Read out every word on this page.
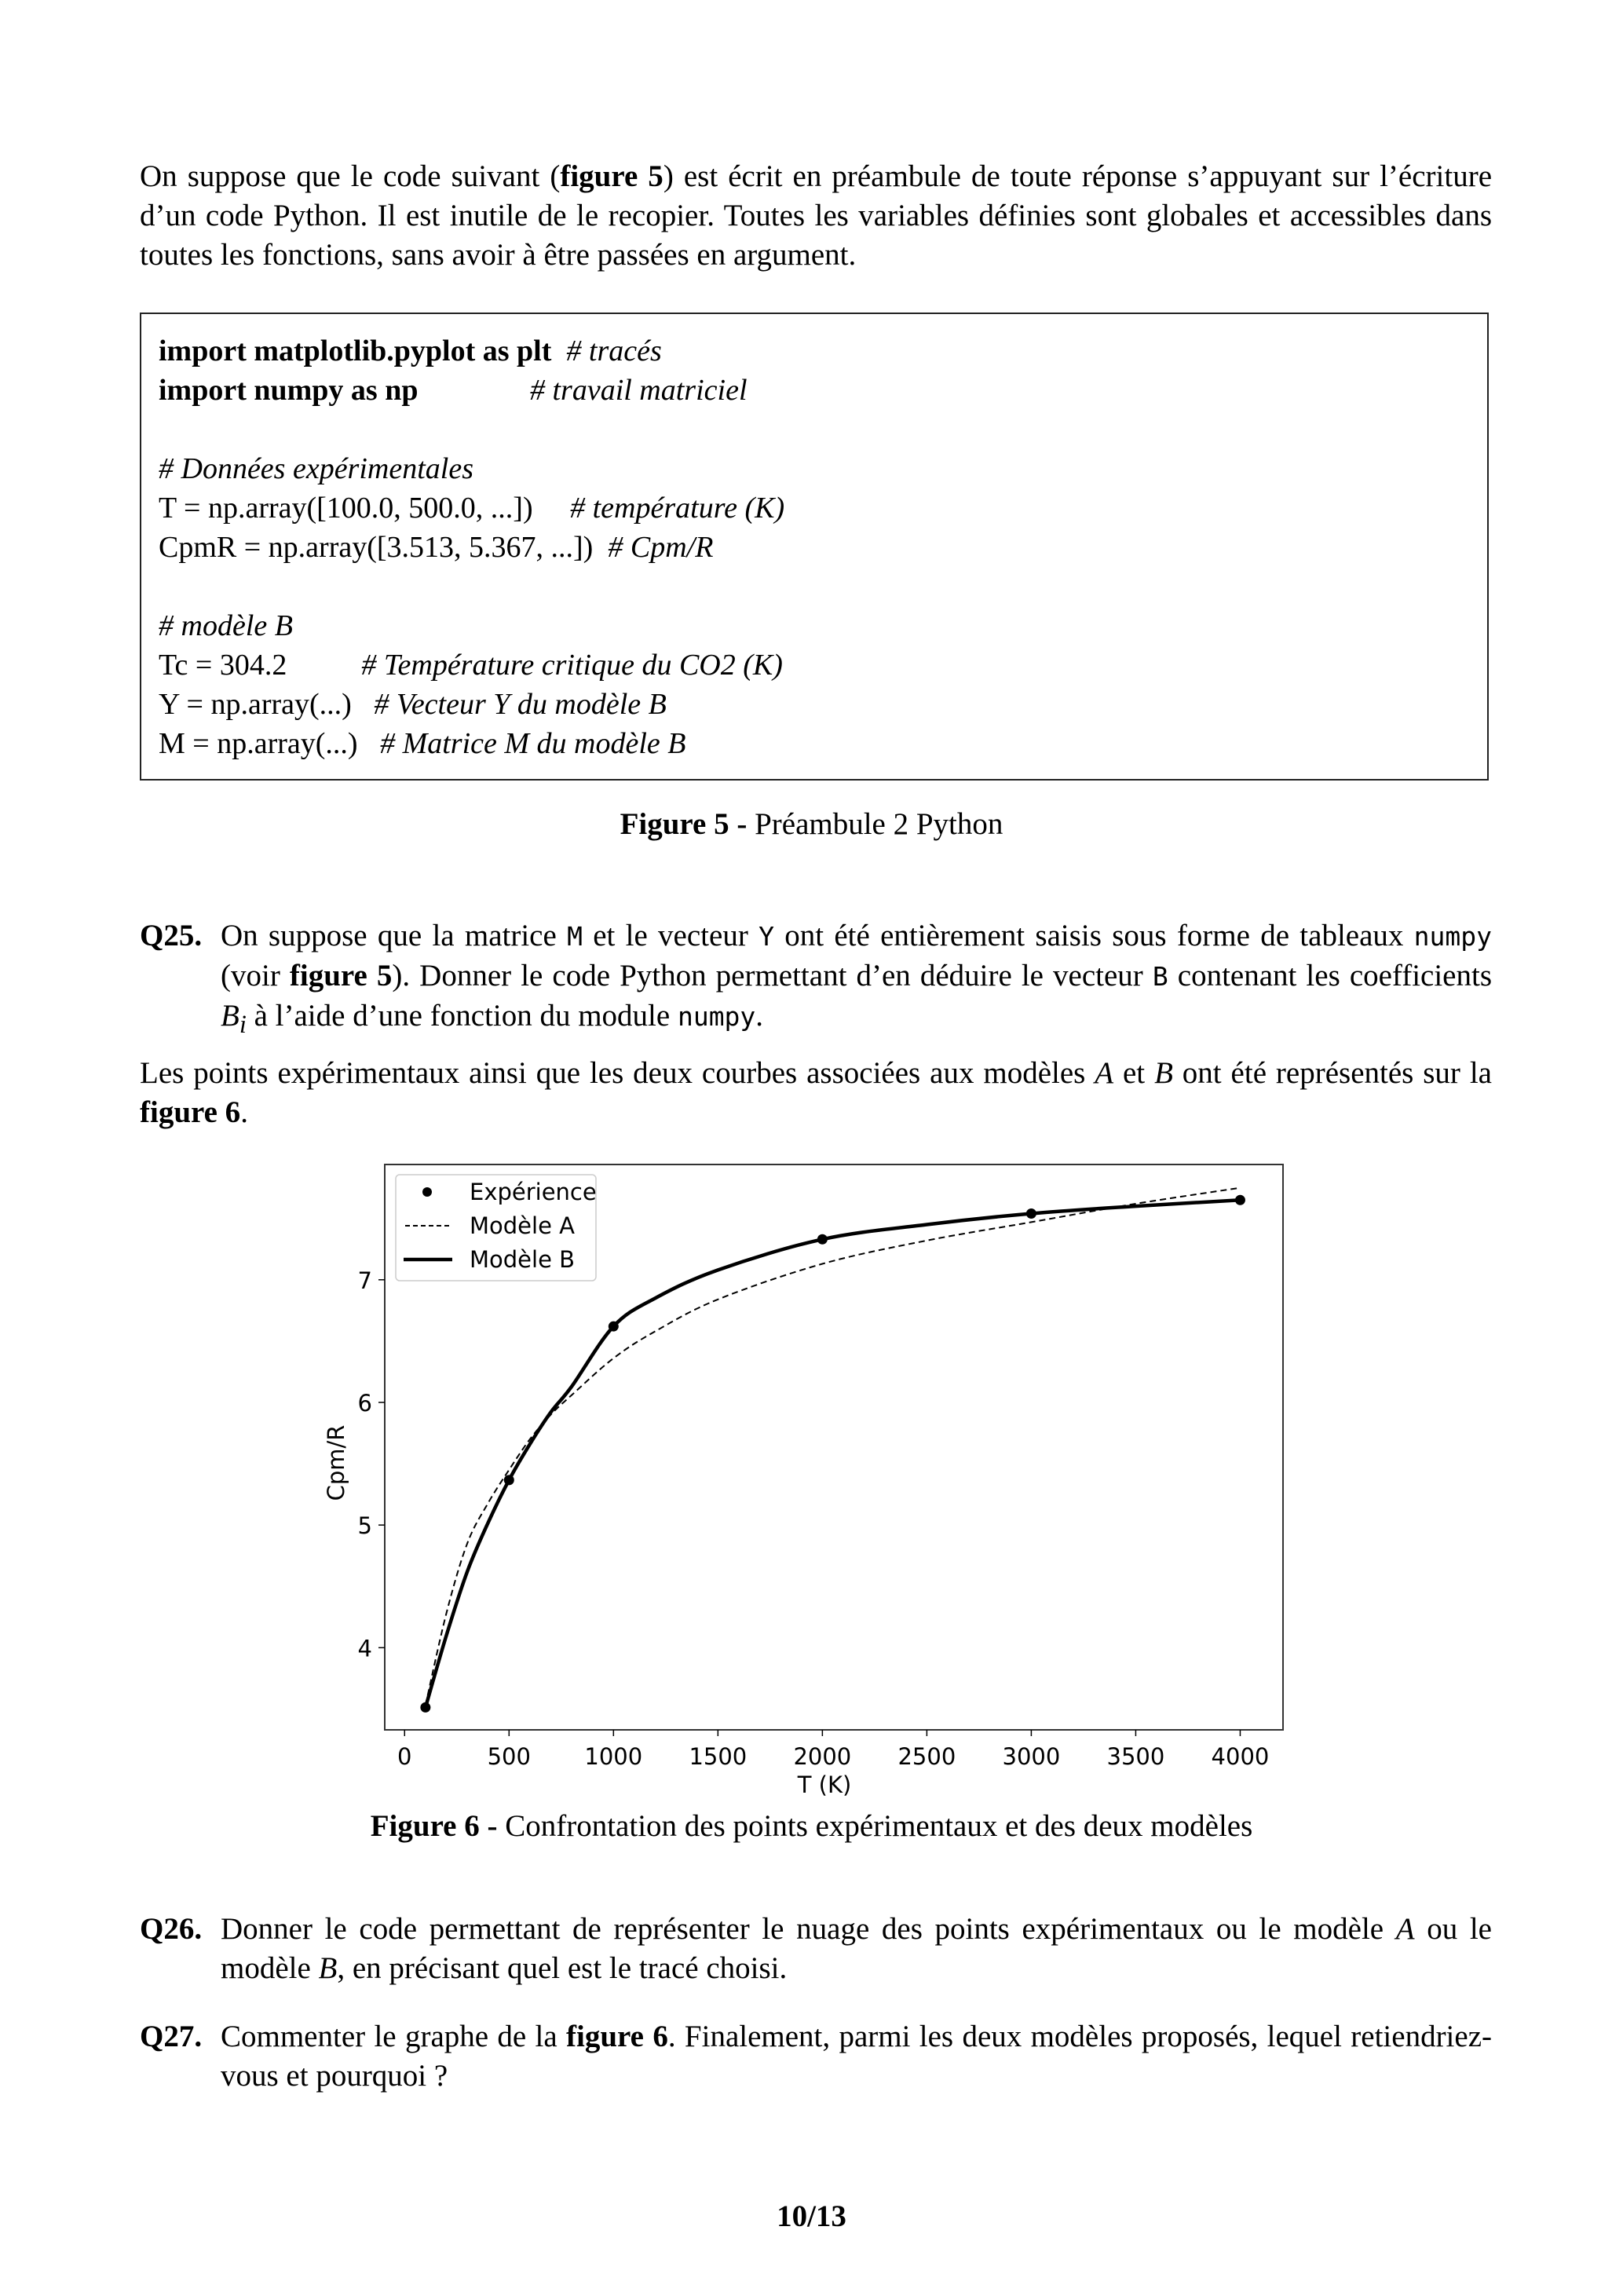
On suppose que le code suivant (figure 5) est écrit en préambule de toute réponse s’appuyant sur l’écriture d’un code Python. Il est inutile de le recopier. Toutes les variables définies sont globales et accessibles dans toutes les fonctions, sans avoir à être passées en argument.
import matplotlib.pyplot as plt # tracés
import numpy as np	# travail matriciel
# Données expérimentales
T = np.array([100.0, 500.0, ...]) # température (K)
CpmR = np.array([3.513, 5.367, ...]) # Cpm/R
# modèle B
Tc = 304.2	# Température critique du CO2 (K)
Y = np.array(...) # Vecteur Y du modèle B
M = np.array(...) # Matrice M du modèle B
Figure 5 - Préambule 2 Python
Q25. On suppose que la matrice M et le vecteur Y ont été entièrement saisis sous forme de tableaux numpy (voir figure 5). Donner le code Python permettant d’en déduire le vecteur B contenant les coefficients $B_i$ à l’aide d’une fonction du module numpy.
Les points expérimentaux ainsi que les deux courbes associées aux modèles A et B ont été représentés sur la figure 6.
0	500 1000 1500 2000 2500 3000 3500 4000
4
5
6
7
T (K)
Cpm/R
Expérience
Modèle A
Modèle B
Figure 6 - Confrontation des points expérimentaux et des deux modèles
Q26. Donner le code permettant de représenter le nuage des points expérimentaux ou le modèle A ou le modèle B, en précisant quel est le tracé choisi.
Q27. Commenter le graphe de la figure 6. Finalement, parmi les deux modèles proposés, lequel retiendriez-vous et pourquoi ?
10/13
